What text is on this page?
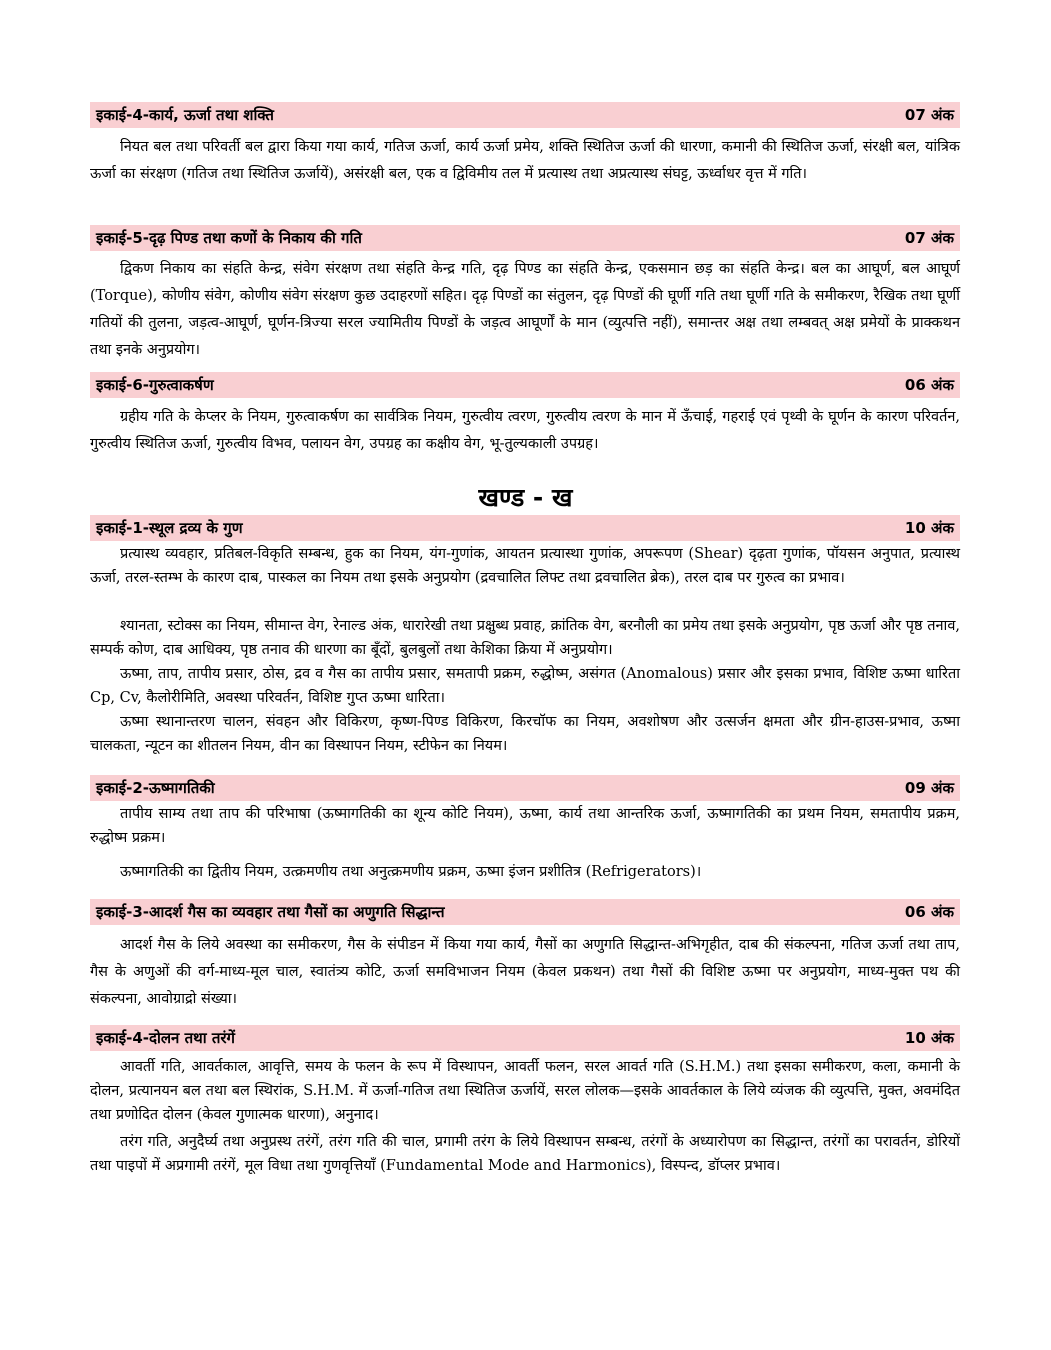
इकाई-4-कार्य, ऊर्जा तथा शक्ति	07 अंक

नियत बल तथा परिवर्ती बल द्वारा किया गया कार्य, गतिज ऊर्जा, कार्य ऊर्जा प्रमेय, शक्ति स्थितिज ऊर्जा की धारणा, कमानी की स्थितिज ऊर्जा, संरक्षी बल, यांत्रिक ऊर्जा का संरक्षण (गतिज तथा स्थितिज ऊर्जायें), असंरक्षी बल, एक व द्विविमीय तल में प्रत्यास्थ तथा अप्रत्यास्थ संघट्ट, ऊर्ध्वाधर वृत्त में गति।

इकाई-5-दृढ़ पिण्ड तथा कणों के निकाय की गति	07 अंक

द्विकण निकाय का संहति केन्द्र, संवेग संरक्षण तथा संहति केन्द्र गति, दृढ़ पिण्ड का संहति केन्द्र, एकसमान छड़ का संहति केन्द्र। बल का आघूर्ण, बल आघूर्ण (Torque), कोणीय संवेग, कोणीय संवेग संरक्षण कुछ उदाहरणों सहित। दृढ़ पिण्डों का संतुलन, दृढ़ पिण्डों की घूर्णी गति तथा घूर्णी गति के समीकरण, रैखिक तथा घूर्णी गतियों की तुलना, जड़त्व-आघूर्ण, घूर्णन-त्रिज्या सरल ज्यामितीय पिण्डों के जड़त्व आघूर्णों के मान (व्युत्पत्ति नहीं), समान्तर अक्ष तथा लम्बवत् अक्ष प्रमेयों के प्राक्कथन तथा इनके अनुप्रयोग।

इकाई-6-गुरुत्वाकर्षण	06 अंक

ग्रहीय गति के केप्लर के नियम, गुरुत्वाकर्षण का सार्वत्रिक नियम, गुरुत्वीय त्वरण, गुरुत्वीय त्वरण के मान में ऊँचाई, गहराई एवं पृथ्वी के घूर्णन के कारण परिवर्तन, गुरुत्वीय स्थितिज ऊर्जा, गुरुत्वीय विभव, पलायन वेग, उपग्रह का कक्षीय वेग, भू-तुल्यकाली उपग्रह।

खण्ड - ख
इकाई-1-स्थूल द्रव्य के गुण	10 अंक

प्रत्यास्थ व्यवहार, प्रतिबल-विकृति सम्बन्ध, हुक का नियम, यंग-गुणांक, आयतन प्रत्यास्था गुणांक, अपरूपण (Shear) दृढ़ता गुणांक, पॉयसन अनुपात, प्रत्यास्थ ऊर्जा, तरल-स्तम्भ के कारण दाब, पास्कल का नियम तथा इसके अनुप्रयोग (द्रवचालित लिफ्ट तथा द्रवचालित ब्रेक), तरल दाब पर गुरुत्व का प्रभाव।

श्यानता, स्टोक्स का नियम, सीमान्त वेग, रेनाल्ड अंक, धारारेखी तथा प्रक्षुब्ध प्रवाह, क्रांतिक वेग, बरनौली का प्रमेय तथा इसके अनुप्रयोग, पृष्ठ ऊर्जा और पृष्ठ तनाव, सम्पर्क कोण, दाब आधिक्य, पृष्ठ तनाव की धारणा का बूँदों, बुलबुलों तथा केशिका क्रिया में अनुप्रयोग।

ऊष्मा, ताप, तापीय प्रसार, ठोस, द्रव व गैस का तापीय प्रसार, समतापी प्रक्रम, रुद्धोष्म, असंगत (Anomalous) प्रसार और इसका प्रभाव, विशिष्ट ऊष्मा धारिता Cp, Cv, कैलोरीमिति, अवस्था परिवर्तन, विशिष्ट गुप्त ऊष्मा धारिता।

ऊष्मा स्थानान्तरण चालन, संवहन और विकिरण, कृष्ण-पिण्ड विकिरण, किरचॉफ का नियम, अवशोषण और उत्सर्जन क्षमता और ग्रीन-हाउस-प्रभाव, ऊष्मा चालकता, न्यूटन का शीतलन नियम, वीन का विस्थापन नियम, स्टीफेन का नियम।

इकाई-2-ऊष्मागतिकी	09 अंक

तापीय साम्य तथा ताप की परिभाषा (ऊष्मागतिकी का शून्य कोटि नियम), ऊष्मा, कार्य तथा आन्तरिक ऊर्जा, ऊष्मागतिकी का प्रथम नियम, समतापीय प्रक्रम, रुद्धोष्म प्रक्रम।

ऊष्मागतिकी का द्वितीय नियम, उत्क्रमणीय तथा अनुत्क्रमणीय प्रक्रम, ऊष्मा इंजन प्रशीतित्र (Refrigerators)।

इकाई-3-आदर्श गैस का व्यवहार तथा गैसों का अणुगति सिद्धान्त	06 अंक

आदर्श गैस के लिये अवस्था का समीकरण, गैस के संपीडन में किया गया कार्य, गैसों का अणुगति सिद्धान्त-अभिगृहीत, दाब की संकल्पना, गतिज ऊर्जा तथा ताप, गैस के अणुओं की वर्ग-माध्य-मूल चाल, स्वातंत्र्य कोटि, ऊर्जा समविभाजन नियम (केवल प्रकथन) तथा गैसों की विशिष्ट ऊष्मा पर अनुप्रयोग, माध्य-मुक्त पथ की संकल्पना, आवोग्राद्रो संख्या।

इकाई-4-दोलन तथा तरंगें	10 अंक

आवर्ती गति, आवर्तकाल, आवृत्ति, समय के फलन के रूप में विस्थापन, आवर्ती फलन, सरल आवर्त गति (S.H.M.) तथा इसका समीकरण, कला, कमानी के दोलन, प्रत्यानयन बल तथा बल स्थिरांक, S.H.M. में ऊर्जा-गतिज तथा स्थितिज ऊर्जायें, सरल लोलक—इसके आवर्तकाल के लिये व्यंजक की व्युत्पत्ति, मुक्त, अवमंदित तथा प्रणोदित दोलन (केवल गुणात्मक धारणा), अनुनाद।

तरंग गति, अनुदैर्घ्य तथा अनुप्रस्थ तरंगें, तरंग गति की चाल, प्रगामी तरंग के लिये विस्थापन सम्बन्ध, तरंगों के अध्यारोपण का सिद्धान्त, तरंगों का परावर्तन, डोरियों तथा पाइपों में अप्रगामी तरंगें, मूल विधा तथा गुणवृत्तियाँ (Fundamental Mode and Harmonics), विस्पन्द, डॉप्लर प्रभाव।
